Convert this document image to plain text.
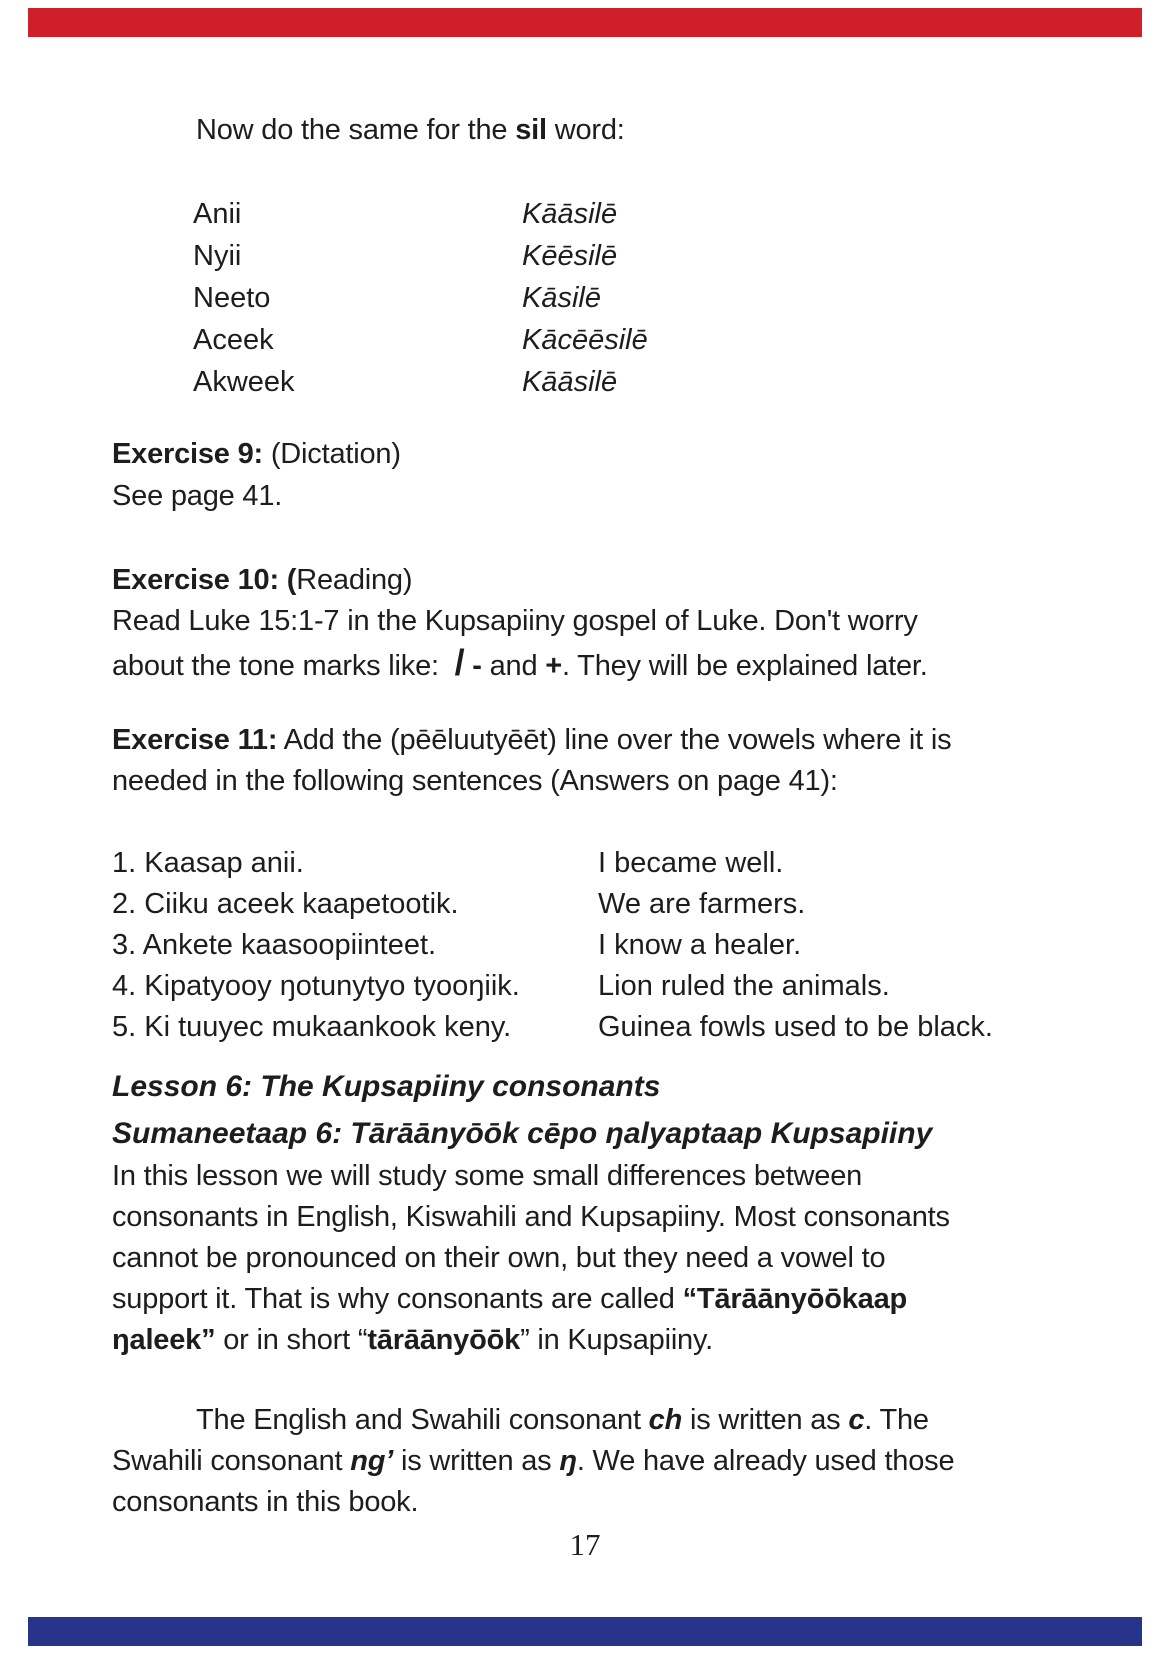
Now do the same for the sil word:
Anii	Kāāsilē
Nyii	Kēēsilē
Neeto	Kāsilē
Aceek	Kācēēsilē
Akweek	Kāāsilē
Exercise 9: (Dictation)
See page 41.
Exercise 10: (Reading)
Read Luke 15:1-7 in the Kupsapiiny gospel of Luke. Don't worry
about the tone marks like:  / - and +. They will be explained later.
Exercise 11: Add the (pēēluutyēēt) line over the vowels where it is
needed in the following sentences (Answers on page 41):
1. Kaasap anii.	I became well.
2. Ciiku aceek kaapetootik.	We are farmers.
3. Ankete kaasoopiinteet.	I know a healer.
4. Kipatyooy ŋotunytyo tyooŋiik.	Lion ruled the animals.
5. Ki tuuyec mukaankook keny.	Guinea fowls used to be black.
Lesson 6: The Kupsapiiny consonants
Sumaneetaap 6: Tārāānyōōk cēpo ŋalyaptaap Kupsapiiny
In this lesson we will study some small differences between
consonants in English, Kiswahili and Kupsapiiny. Most consonants
cannot be pronounced on their own, but they need a vowel to
support it. That is why consonants are called “Tārāānyōōkaap
ŋaleek” or in short “tārāānyōōk” in Kupsapiiny.
The English and Swahili consonant ch is written as c. The
Swahili consonant ng’ is written as ŋ. We have already used those
consonants in this book.
17
